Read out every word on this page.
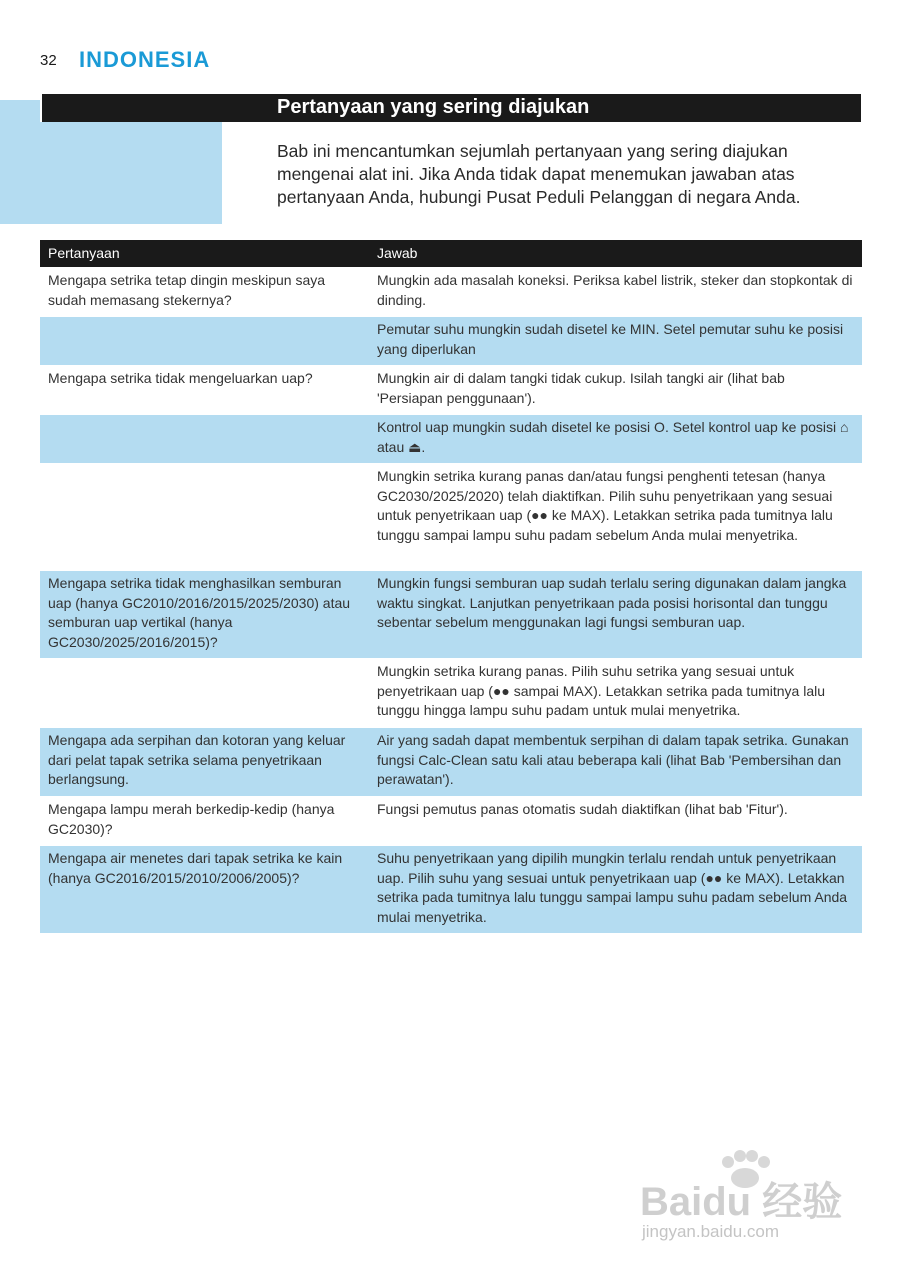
32 INDONESIA
Pertanyaan yang sering diajukan
Bab ini mencantumkan sejumlah pertanyaan yang sering diajukan
mengenai alat ini. Jika Anda tidak dapat menemukan jawaban atas
pertanyaan Anda, hubungi Pusat Peduli Pelanggan di negara Anda.
Pertanyaan	Jawab
Mengapa setrika tetap dingin meskipun saya sudah memasang stekernya?
Mungkin ada masalah koneksi. Periksa kabel listrik, steker dan stopkontak di dinding.
Pemutar suhu mungkin sudah disetel ke MIN. Setel pemutar suhu ke posisi yang diperlukan
Mengapa setrika tidak mengeluarkan uap?	Mungkin air di dalam tangki tidak cukup. Isilah tangki air (lihat bab 'Persiapan penggunaan').
Kontrol uap mungkin sudah disetel ke posisi O. Setel kontrol uap ke posisi ⌂ atau ⏏.
Mungkin setrika kurang panas dan/atau fungsi penghenti tetesan (hanya GC2030/2025/2020) telah diaktifkan. Pilih suhu penyetrikaan yang sesuai untuk penyetrikaan uap (●● ke MAX). Letakkan setrika pada tumitnya lalu tunggu sampai lampu suhu padam sebelum Anda mulai menyetrika.
Mengapa setrika tidak menghasilkan semburan uap (hanya GC2010/2016/2015/2025/2030) atau semburan uap vertikal (hanya GC2030/2025/2016/2015)?
Mungkin fungsi semburan uap sudah terlalu sering digunakan dalam jangka waktu singkat. Lanjutkan penyetrikaan pada posisi horisontal dan tunggu sebentar sebelum menggunakan lagi fungsi semburan uap.
Mungkin setrika kurang panas. Pilih suhu setrika yang sesuai untuk penyetrikaan uap (●● sampai MAX). Letakkan setrika pada tumitnya lalu tunggu hingga lampu suhu padam untuk mulai menyetrika.
Mengapa ada serpihan dan kotoran yang keluar dari pelat tapak setrika selama penyetrikaan berlangsung.
Air yang sadah dapat membentuk serpihan di dalam tapak setrika. Gunakan fungsi Calc-Clean satu kali atau beberapa kali (lihat Bab 'Pembersihan dan perawatan').
Mengapa lampu merah berkedip-kedip (hanya GC2030)?
Fungsi pemutus panas otomatis sudah diaktifkan (lihat bab 'Fitur').
Mengapa air menetes dari tapak setrika ke kain (hanya GC2016/2015/2010/2006/2005)?
Suhu penyetrikaan yang dipilih mungkin terlalu rendah untuk penyetrikaan uap. Pilih suhu yang sesuai untuk penyetrikaan uap (●● ke MAX). Letakkan setrika pada tumitnya lalu tunggu sampai lampu suhu padam sebelum Anda mulai menyetrika.
Baidu 经验
jingyan.baidu.com
